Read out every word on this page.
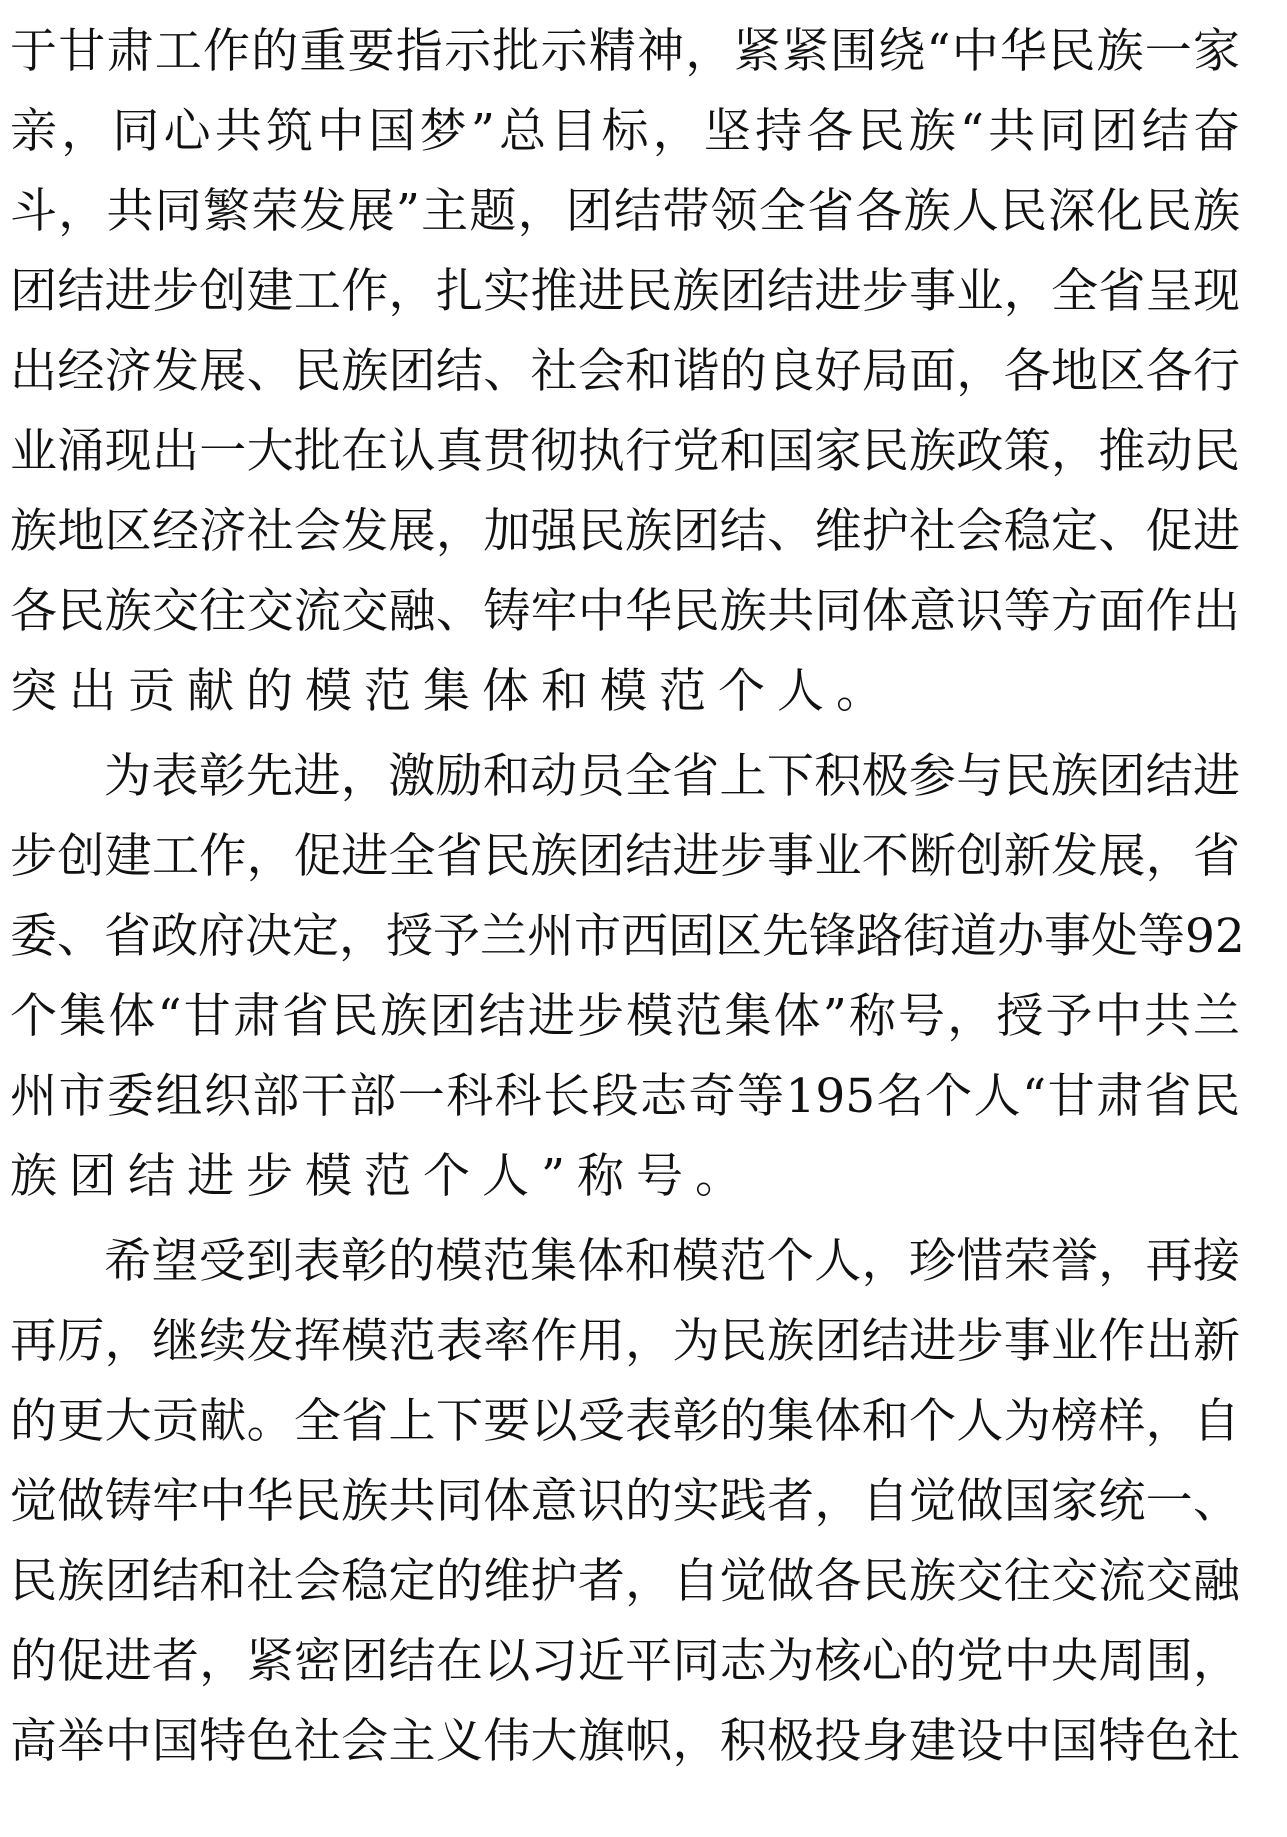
于甘肃工作的重要指示批示精神，紧紧围绕“中华民族一家
亲，同心共筑中国梦”总目标，坚持各民族“共同团结奋
斗，共同繁荣发展”主题，团结带领全省各族人民深化民族
团结进步创建工作，扎实推进民族团结进步事业，全省呈现
出经济发展、民族团结、社会和谐的良好局面，各地区各行
业涌现出一大批在认真贯彻执行党和国家民族政策，推动民
族地区经济社会发展，加强民族团结、维护社会稳定、促进
各民族交往交流交融、铸牢中华民族共同体意识等方面作出
突出贡献的模范集体和模范个人。
为表彰先进，激励和动员全省上下积极参与民族团结进
步创建工作，促进全省民族团结进步事业不断创新发展，省
委、省政府决定，授予兰州市西固区先锋路街道办事处等92
个集体“甘肃省民族团结进步模范集体”称号，授予中共兰
州市委组织部干部一科科长段志奇等195名个人“甘肃省民
族团结进步模范个人”称号。
希望受到表彰的模范集体和模范个人，珍惜荣誉，再接
再厉，继续发挥模范表率作用，为民族团结进步事业作出新
的更大贡献。全省上下要以受表彰的集体和个人为榜样，自
觉做铸牢中华民族共同体意识的实践者，自觉做国家统一、
民族团结和社会稳定的维护者，自觉做各民族交往交流交融
的促进者，紧密团结在以习近平同志为核心的党中央周围，
高举中国特色社会主义伟大旗帜，积极投身建设中国特色社
